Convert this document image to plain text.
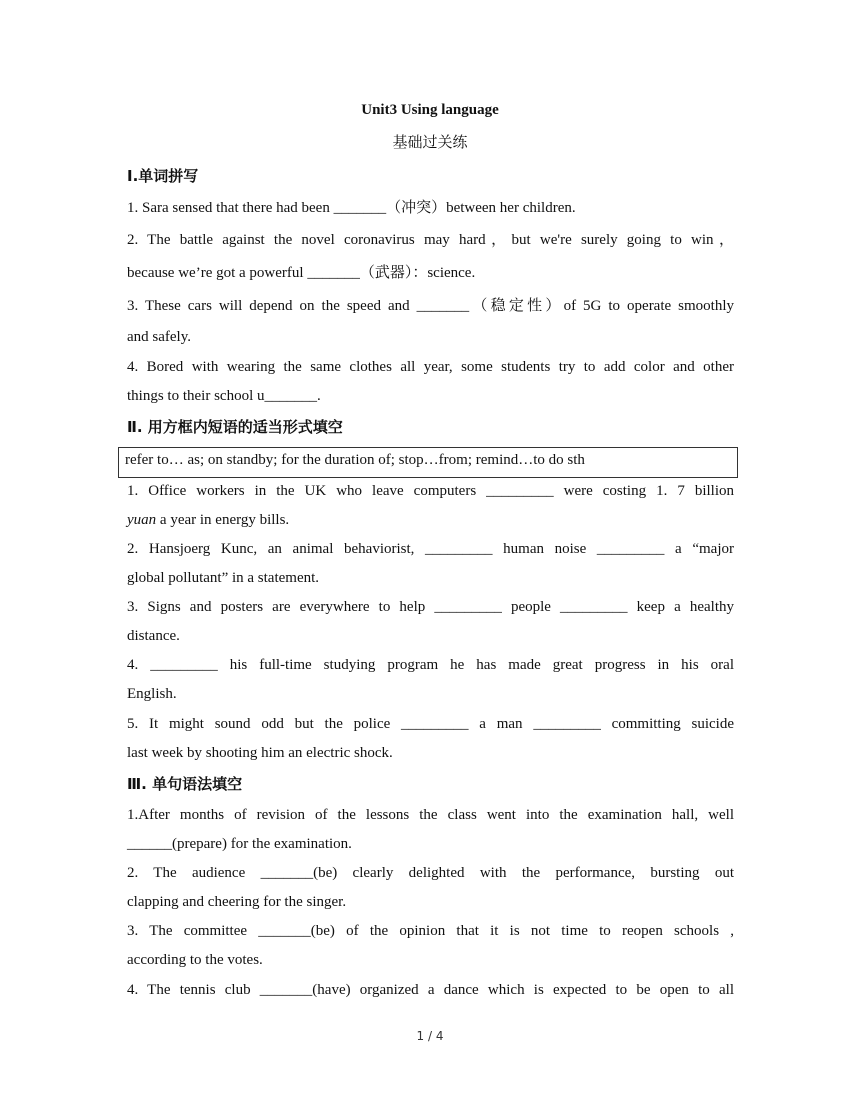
Unit3 Using language
基础过关练
Ⅰ.单词拼写
1. Sara sensed that there had been _______（冲突）between her children.
2. The battle against the novel coronavirus may hard，but we're surely going to win，
because we’re got a powerful _______（武器）：science.
3. These cars will depend on the speed and _______（稳定性）of 5G to operate smoothly
and safely.
4. Bored with wearing the same clothes all year, some students try to add color and other
things to their school u_______.
Ⅱ. 用方框内短语的适当形式填空
refer to… as; on standby; for the duration of; stop…from; remind…to do sth
1. Office workers in the UK who leave computers _________ were costing 1. 7 billion
yuan a year in energy bills.
2. Hansjoerg Kunc, an animal behaviorist, _________ human noise _________ a “major
global pollutant” in a statement.
3. Signs and posters are everywhere to help _________ people _________ keep a healthy
distance.
4. _________ his full-time studying program he has made great progress in his oral
English.
5. It might sound odd but the police _________ a man _________ committing suicide
last week by shooting him an electric shock.
Ⅲ. 单句语法填空
1.After months of revision of the lessons the class went into the examination hall, well
______(prepare) for the examination.
2. The audience _______(be) clearly delighted with the performance, bursting out
clapping and cheering for the singer.
3. The committee _______(be) of the opinion that it is not time to reopen schools ,
according to the votes.
4. The tennis club _______(have) organized a dance which is expected to be open to all
1 / 4
